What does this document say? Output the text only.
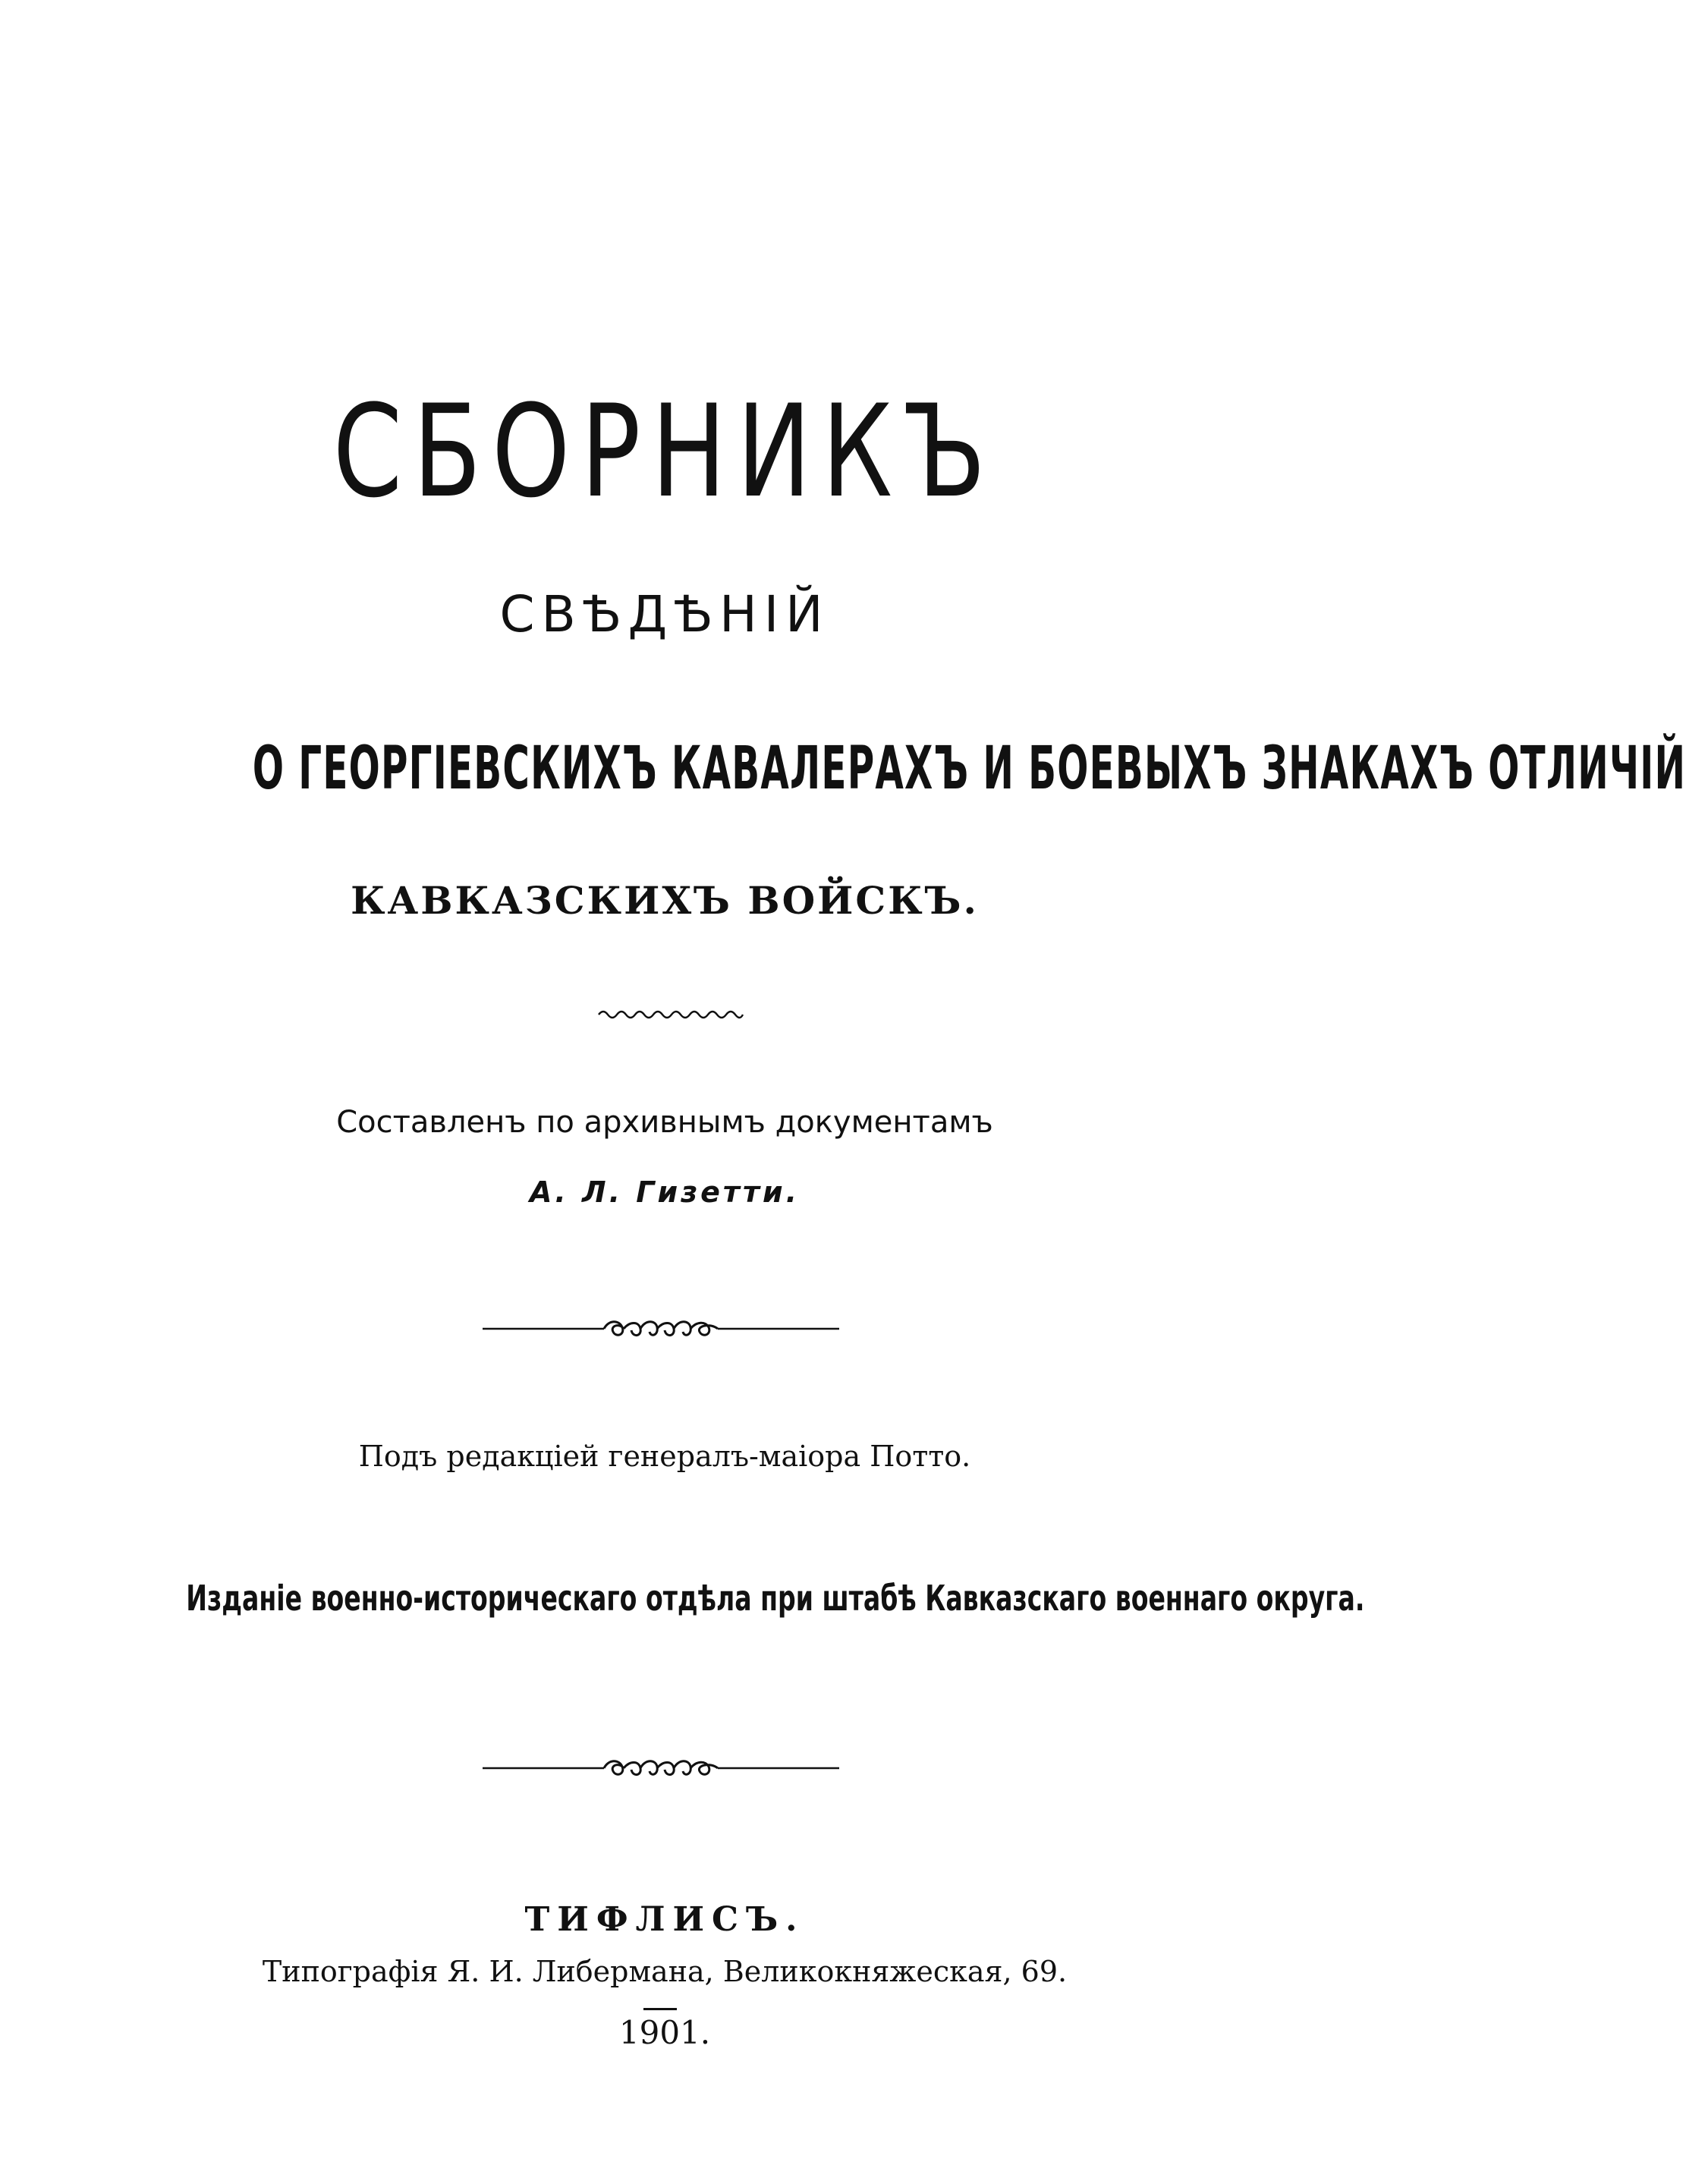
СБОРНИКЪ
СВѢДѢНІЙ
О ГЕОРГІЕВСКИХЪ КАВАЛЕРАХЪ И БОЕВЫХЪ ЗНАКАХЪ ОТЛИЧІЙ
КАВКАЗСКИХЪ ВОЙСКЪ.
Составленъ по архивнымъ документамъ
А. Л. Гизетти.
Подъ редакціей генералъ-маіора Потто.
Изданіе военно-историческаго отдѣла при штабѣ Кавказскаго военнаго округа.
ТИФЛИСЪ.
Типографія Я. И. Либермана, Великокняжеская, 69.
1901.
